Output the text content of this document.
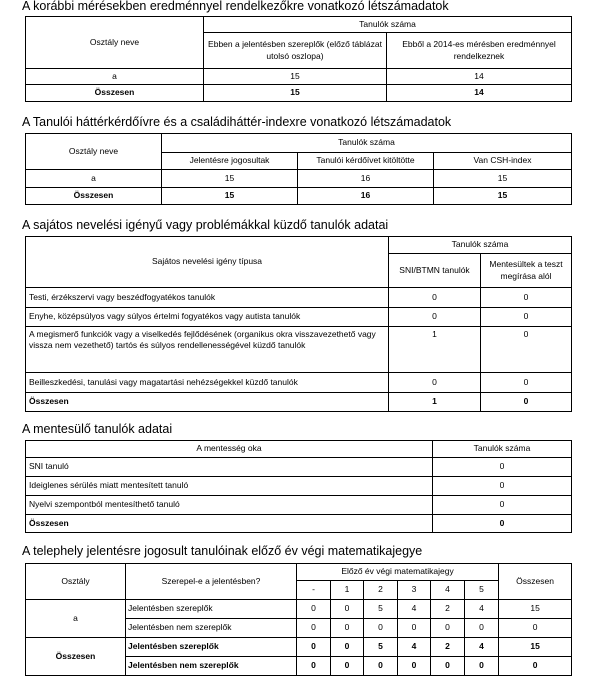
A korábbi mérésekben eredménnyel rendelkezőkre vonatkozó létszámadatok
Osztály neve	Tanulók száma	
	Ebben a jelentésben szereplők (előző táblázat utolsó oszlopa)	Ebből a 2014-es mérésben eredménnyel rendelkeznek
a	15	14
Összesen	15	14
A Tanulói háttérkérdőívre és a családiháttér-indexre vonatkozó létszámadatok
Osztály neve	Tanulók száma		
	Jelentésre jogosultak	Tanulói kérdőívet kitöltötte	Van CSH-index
a	15	16	15
Összesen	15	16	15
A sajátos nevelési igényű vagy problémákkal küzdő tanulók adatai
Sajátos nevelési igény típusa	Tanulók száma	
	SNI/BTMN tanulók	Mentesültek a teszt megírása alól
Testi, érzékszervi vagy beszédfogyatékos tanulók	0	0
Enyhe, középsúlyos vagy súlyos értelmi fogyatékos vagy autista tanulók	0	0
A megismerő funkciók vagy a viselkedés fejlődésének (organikus okra visszavezethető vagy vissza nem vezethető) tartós és súlyos rendellenességével küzdő tanulók	1	0
Beilleszkedési, tanulási vagy magatartási nehézségekkel küzdő tanulók	0	0
Összesen	1	0
A mentesülő tanulók adatai
A mentesség oka	Tanulók száma
SNI tanuló	0
Ideiglenes sérülés miatt mentesített tanuló	0
Nyelvi szempontból mentesíthető tanuló	0
Összesen	0
A telephely jelentésre jogosult tanulóinak előző év végi matematikajegye
Osztály	Szerepel-e a jelentésben?	Előző év végi matematikajegy						Összesen
		-	1	2	3	4	5	
a	Jelentésben szereplők	0	0	5	4	2	4	15
	Jelentésben nem szereplők	0	0	0	0	0	0	0
Összesen	Jelentésben szereplők	0	0	5	4	2	4	15
	Jelentésben nem szereplők	0	0	0	0	0	0	0
